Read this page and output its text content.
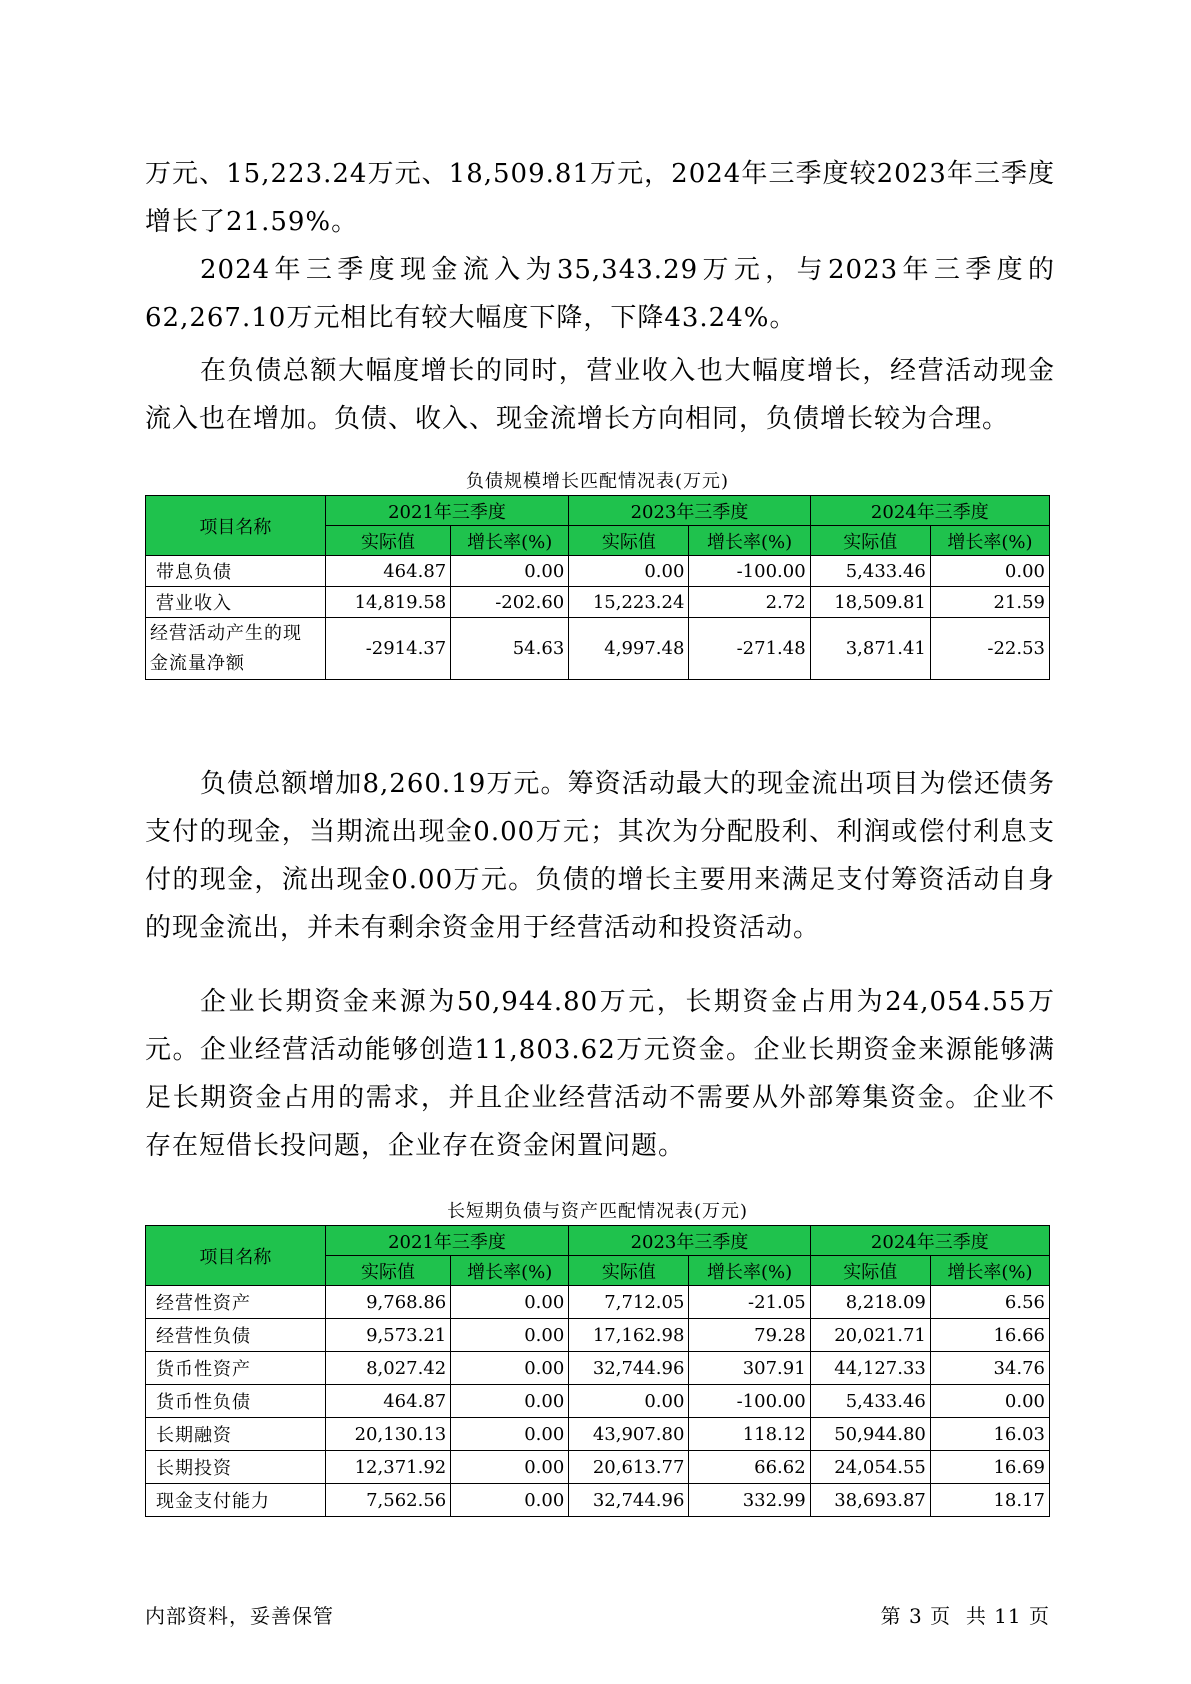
万元、15,223.24万元、18,509.81万元，2024年三季度较2023年三季度增长了21.59%。

2024年三季度现金流入为35,343.29万元，与2023年三季度的62,267.10万元相比有较大幅度下降，下降43.24%。

在负债总额大幅度增长的同时，营业收入也大幅度增长，经营活动现金流入也在增加。负债、收入、现金流增长方向相同，负债增长较为合理。

负债规模增长匹配情况表(万元)
项目名称	2021年三季度		2023年三季度		2024年三季度	
	实际值	增长率(%)	实际值	增长率(%)	实际值	增长率(%)
带息负债	464.87	0.00	0.00	-100.00	5,433.46	0.00
营业收入	14,819.58	-202.60	15,223.24	2.72	18,509.81	21.59
经营活动产生的现金流量净额	-2914.37	54.63	4,997.48	-271.48	3,871.41	-22.53

负债总额增加8,260.19万元。筹资活动最大的现金流出项目为偿还债务支付的现金，当期流出现金0.00万元；其次为分配股利、利润或偿付利息支付的现金，流出现金0.00万元。负债的增长主要用来满足支付筹资活动自身的现金流出，并未有剩余资金用于经营活动和投资活动。

企业长期资金来源为50,944.80万元，长期资金占用为24,054.55万元。企业经营活动能够创造11,803.62万元资金。企业长期资金来源能够满足长期资金占用的需求，并且企业经营活动不需要从外部筹集资金。企业不存在短借长投问题，企业存在资金闲置问题。

长短期负债与资产匹配情况表(万元)
项目名称	2021年三季度		2023年三季度		2024年三季度	
	实际值	增长率(%)	实际值	增长率(%)	实际值	增长率(%)
经营性资产	9,768.86	0.00	7,712.05	-21.05	8,218.09	6.56
经营性负债	9,573.21	0.00	17,162.98	79.28	20,021.71	16.66
货币性资产	8,027.42	0.00	32,744.96	307.91	44,127.33	34.76
货币性负债	464.87	0.00	0.00	-100.00	5,433.46	0.00
长期融资	20,130.13	0.00	43,907.80	118.12	50,944.80	16.03
长期投资	12,371.92	0.00	20,613.77	66.62	24,054.55	16.69
现金支付能力	7,562.56	0.00	32,744.96	332.99	38,693.87	18.17
内部资料，妥善保管	第 3 页  共 11 页
